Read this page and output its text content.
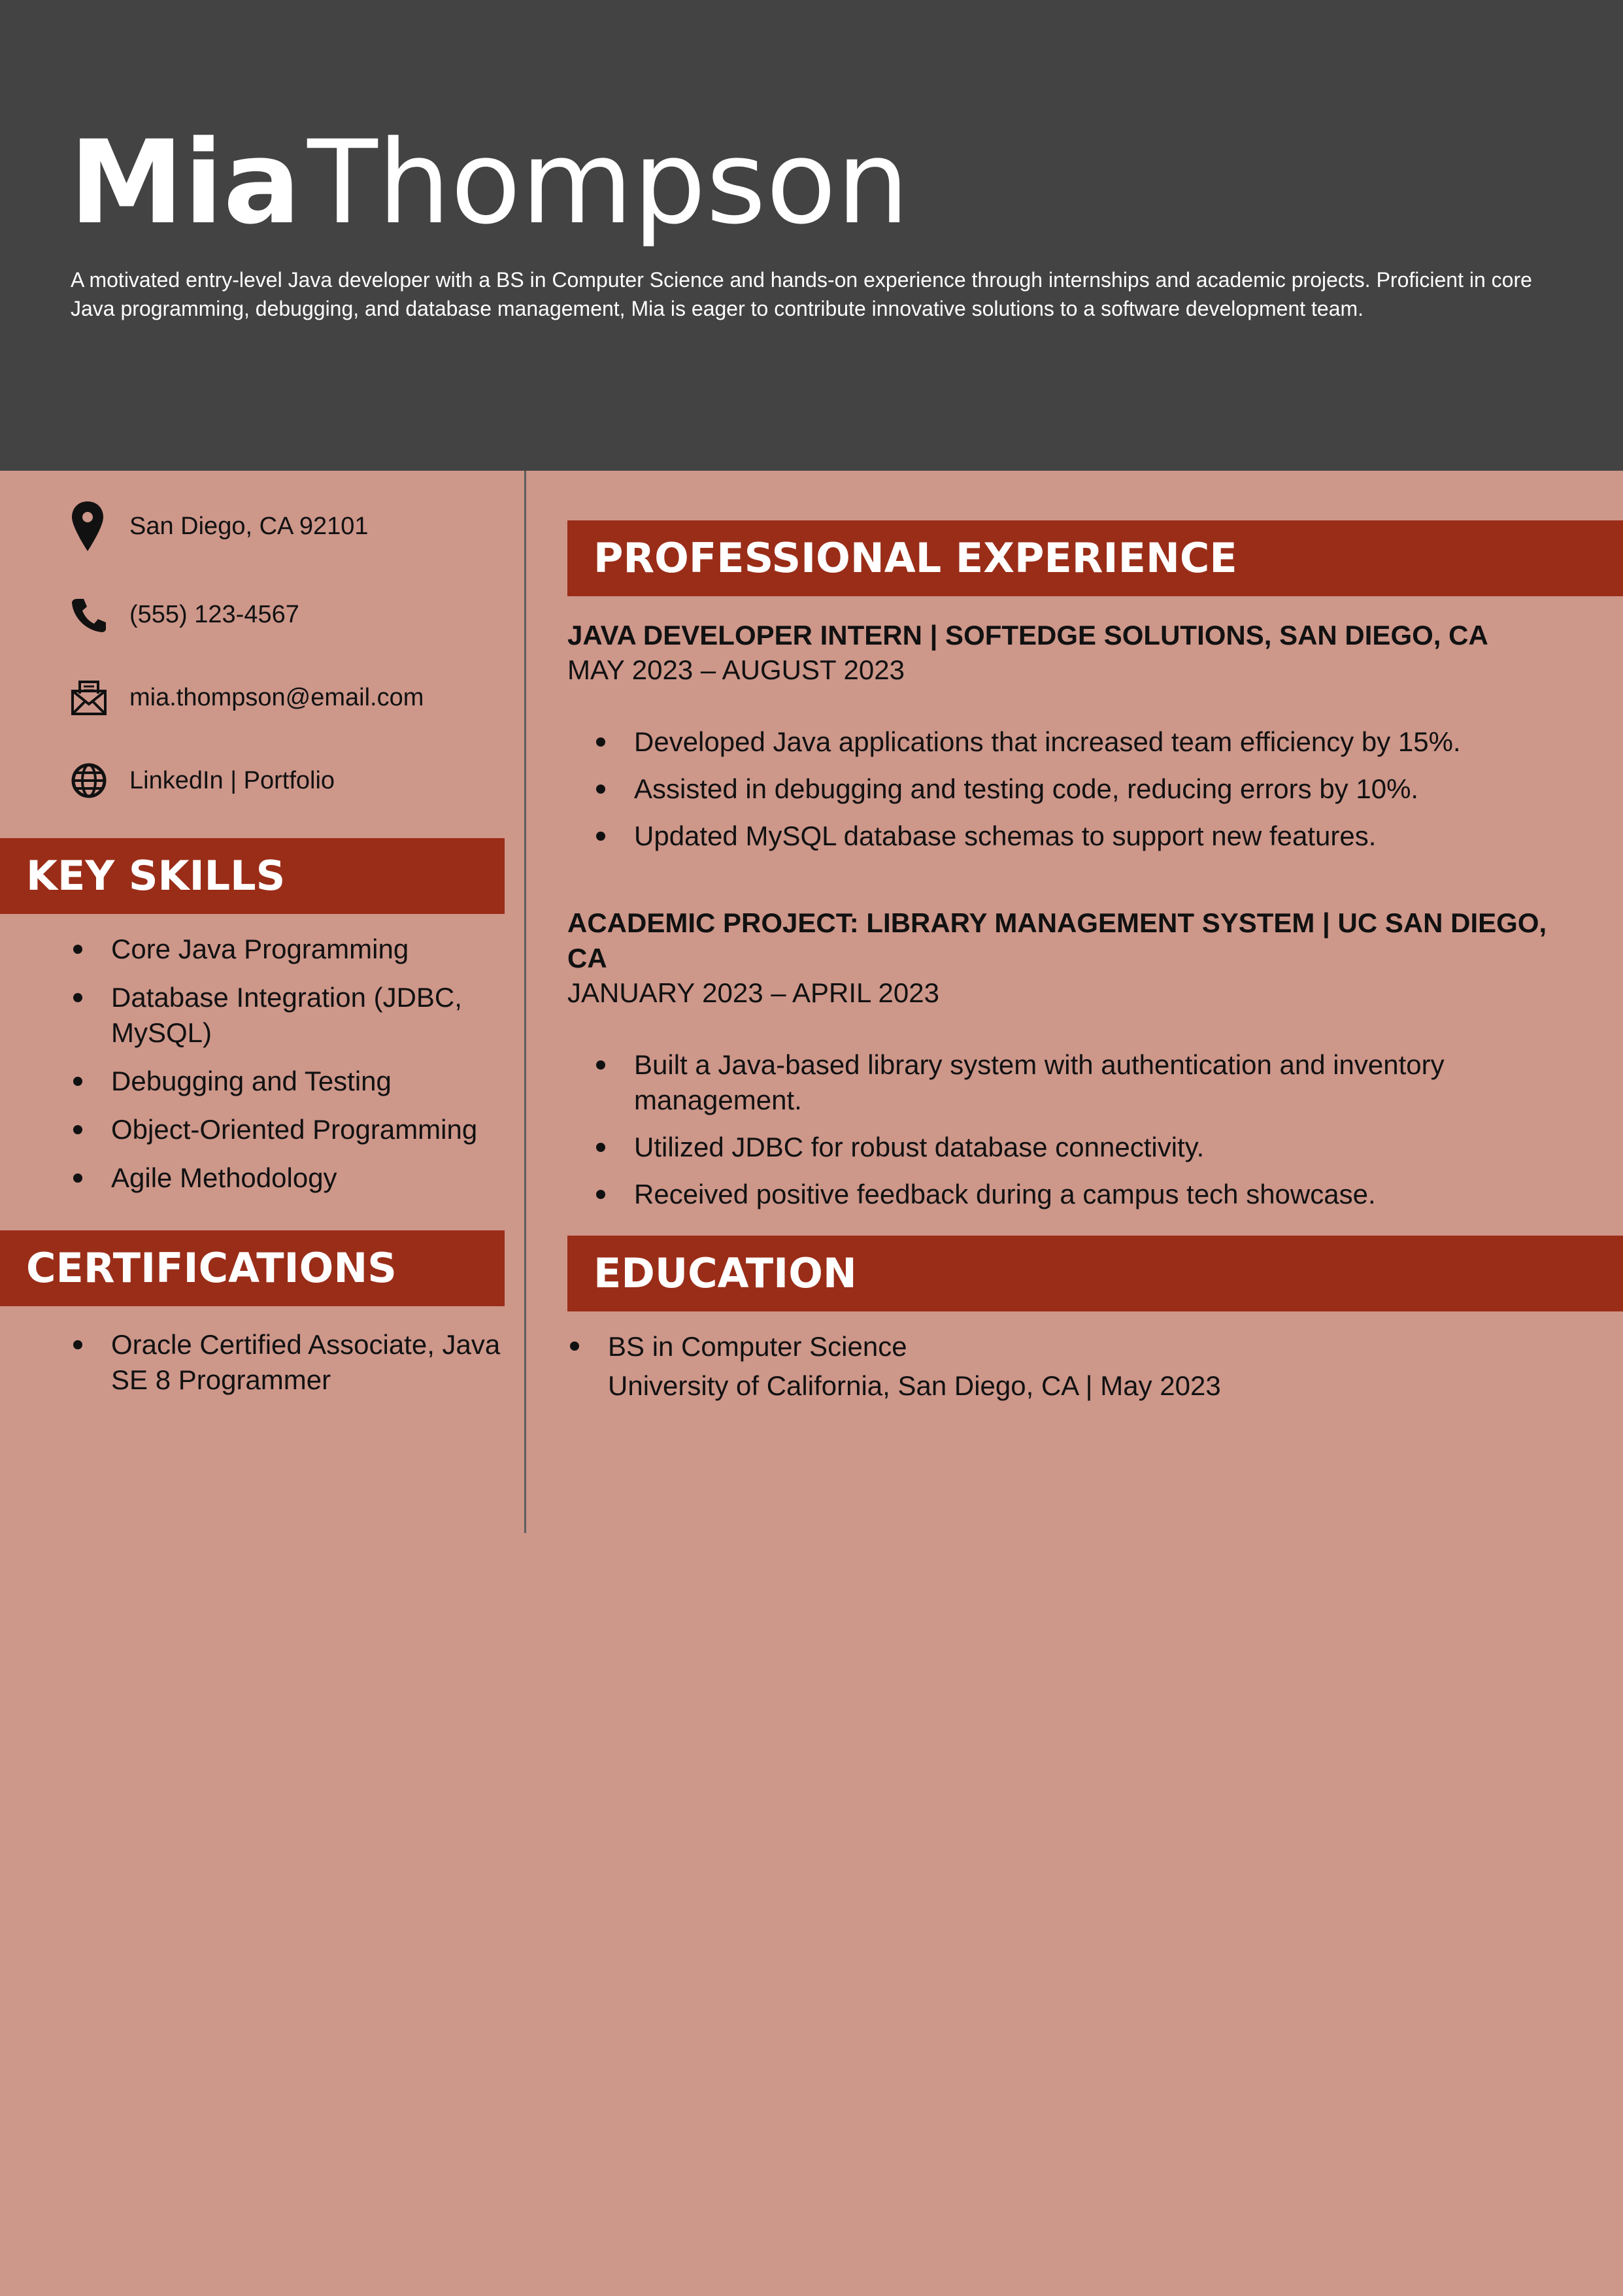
MiaThompson
A motivated entry-level Java developer with a BS in Computer Science and hands-on experience through internships and academic projects. Proficient in core Java programming, debugging, and database management, Mia is eager to contribute innovative solutions to a software development team.
San Diego, CA 92101
(555) 123-4567
mia.thompson@email.com
LinkedIn | Portfolio
KEY SKILLS
Core Java Programming
Database Integration (JDBC, MySQL)
Debugging and Testing
Object-Oriented Programming
Agile Methodology
CERTIFICATIONS
Oracle Certified Associate, Java SE 8 Programmer
PROFESSIONAL EXPERIENCE
JAVA DEVELOPER INTERN | SOFTEDGE SOLUTIONS, SAN DIEGO, CA
MAY 2023 – AUGUST 2023
Developed Java applications that increased team efficiency by 15%.
Assisted in debugging and testing code, reducing errors by 10%.
Updated MySQL database schemas to support new features.
ACADEMIC PROJECT: LIBRARY MANAGEMENT SYSTEM | UC SAN DIEGO, CA
JANUARY 2023 – APRIL 2023
Built a Java-based library system with authentication and inventory management.
Utilized JDBC for robust database connectivity.
Received positive feedback during a campus tech showcase.
EDUCATION
BS in Computer Science
University of California, San Diego, CA | May 2023
